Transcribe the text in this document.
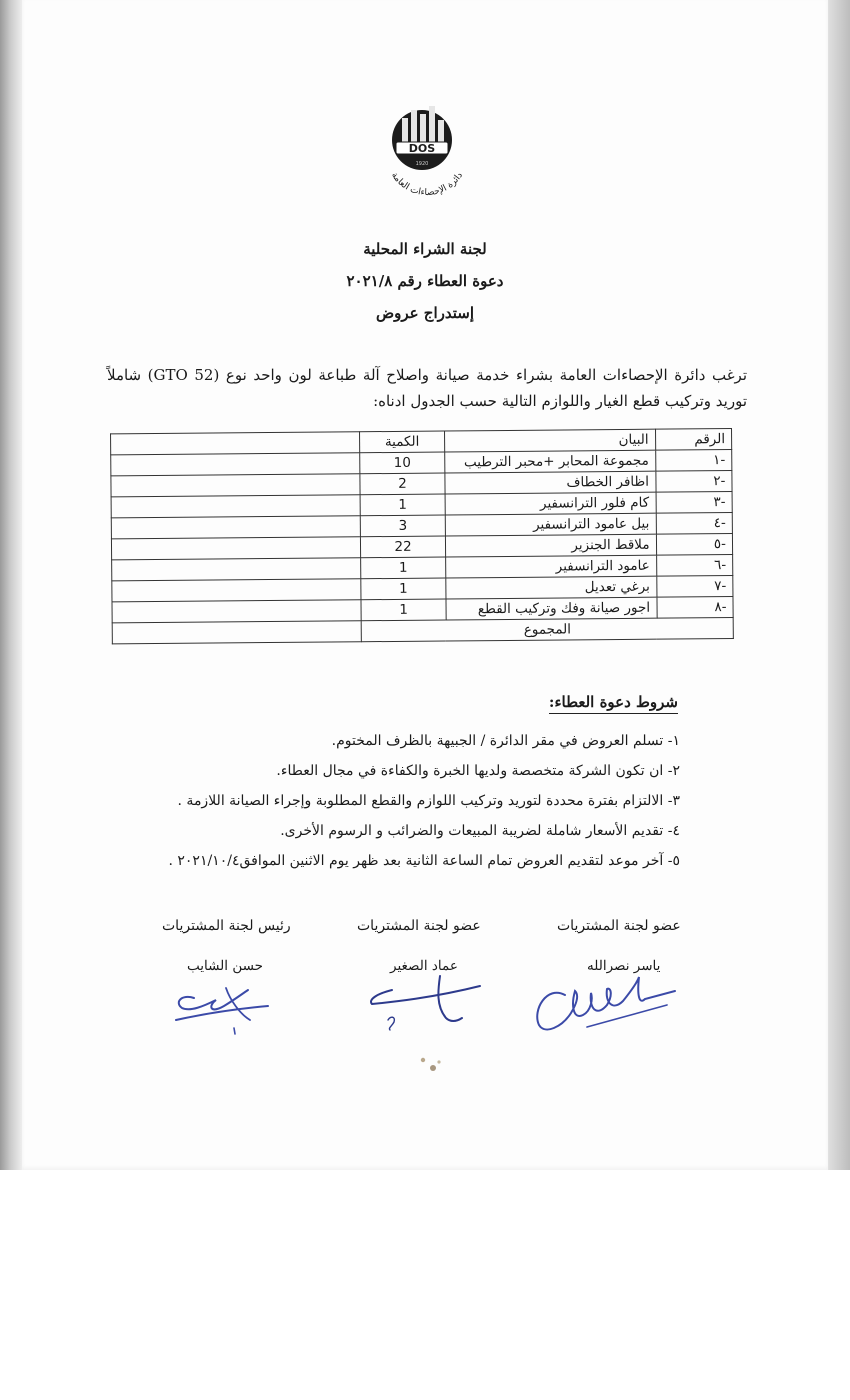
DOS
1920
دائرة الإحصاءات العامة
لجنة الشراء المحلية
دعوة العطاء رقم ٢٠٢١/٨
إستدراج عروض
ترغب دائرة الإحصاءات العامة بشراء خدمة صيانة واصلاح آلة طباعة لون واحد نوع (GTO 52) شاملاً توريد وتركيب قطع الغيار واللوازم التالية حسب الجدول ادناه:
الرقم	البيان	الكمية	
-١	مجموعة المحابر +محبر الترطيب	10	
-٢	اظافر الخطاف	2	
-٣	كام فلور الترانسفير	1	
-٤	بيل عامود الترانسفير	3	
-٥	ملاقط الجنزير	22	
-٦	عامود الترانسفير	1	
-٧	برغي تعديل	1	
-٨	اجور صيانة وفك وتركيب القطع	1	
المجموع			
شروط دعوة العطاء:
١- تسلم العروض في مقر الدائرة / الجبيهة بالظرف المختوم.
٢- ان تكون الشركة متخصصة ولديها الخبرة والكفاءة في مجال العطاء.
٣- الالتزام بفترة محددة لتوريد وتركيب اللوازم والقطع المطلوبة وإجراء الصيانة اللازمة .
٤- تقديم الأسعار شاملة لضريبة المبيعات والضرائب و الرسوم الأخرى.
٥- آخر موعد لتقديم العروض تمام الساعة الثانية بعد ظهر يوم الاثنين الموافق٢٠٢١/١٠/٤ .
عضو لجنة المشتريات
عضو لجنة المشتريات
رئيس لجنة المشتريات
ياسر نصرالله
عماد الصغير
حسن الشايب
